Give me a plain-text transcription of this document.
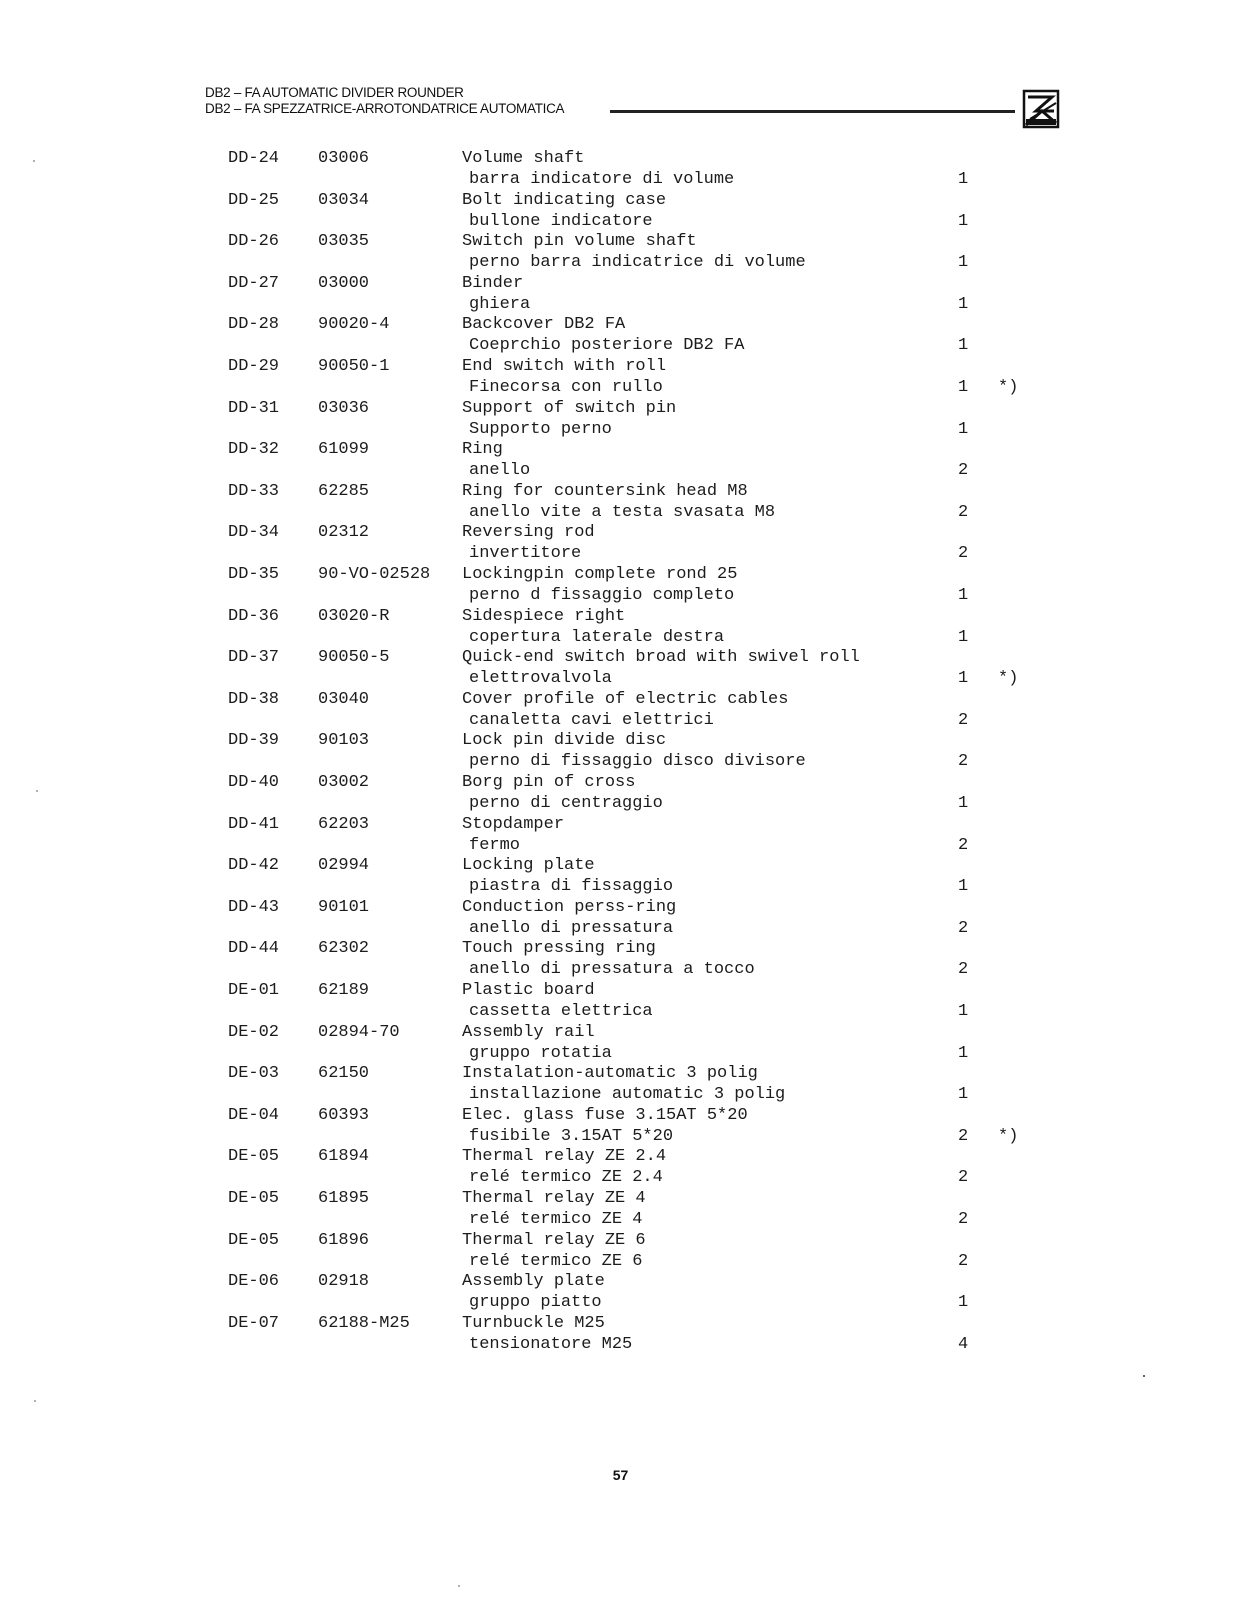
DB2 – FA AUTOMATIC DIVIDER ROUNDER
DB2 – FA SPEZZATRICE-ARROTONDATRICE AUTOMATICA
DD-24 03006	Volume shaft
barra indicatore di volume	1
DD-25 03034	Bolt indicating case
bullone indicatore	1
DD-26 03035	Switch pin volume shaft
perno barra indicatrice di volume	1
DD-27 03000	Binder
ghiera	1
DD-28 90020-4	Backcover DB2 FA
Coeprchio posteriore DB2 FA	1
DD-29 90050-1	End switch with roll
Finecorsa con rullo	1 *)
DD-31 03036	Support of switch pin
Supporto perno	1
DD-32 61099	Ring
anello	2
DD-33 62285	Ring for countersink head M8
anello vite a testa svasata M8	2
DD-34 02312	Reversing rod
invertitore	2
DD-35 90-VO-02528 Lockingpin complete rond 25
perno d fissaggio completo	1
DD-36 03020-R	Sidespiece right
copertura laterale destra	1
DD-37 90050-5	Quick-end switch broad with swivel roll
elettrovalvola	1 *)
DD-38 03040	Cover profile of electric cables
canaletta cavi elettrici	2
DD-39 90103	Lock pin divide disc
perno di fissaggio disco divisore	2
DD-40 03002	Borg pin of cross
perno di centraggio	1
DD-41 62203	Stopdamper
fermo	2
DD-42 02994	Locking plate
piastra di fissaggio	1
DD-43 90101	Conduction perss-ring
anello di pressatura	2
DD-44 62302	Touch pressing ring
anello di pressatura a tocco	2
DE-01 62189	Plastic board
cassetta elettrica	1
DE-02 02894-70	Assembly rail
gruppo rotatia	1
DE-03 62150	Instalation-automatic 3 polig
installazione automatic 3 polig	1
DE-04 60393	Elec. glass fuse 3.15AT 5*20
fusibile 3.15AT 5*20	2 *)
DE-05 61894	Thermal relay ZE 2.4
relé termico ZE 2.4	2
DE-05 61895	Thermal relay ZE 4
relé termico ZE 4	2
DE-05 61896	Thermal relay ZE 6
relé termico ZE 6	2
DE-06 02918	Assembly plate
gruppo piatto	1
DE-07 62188-M25	Turnbuckle M25
tensionatore M25	4
57
